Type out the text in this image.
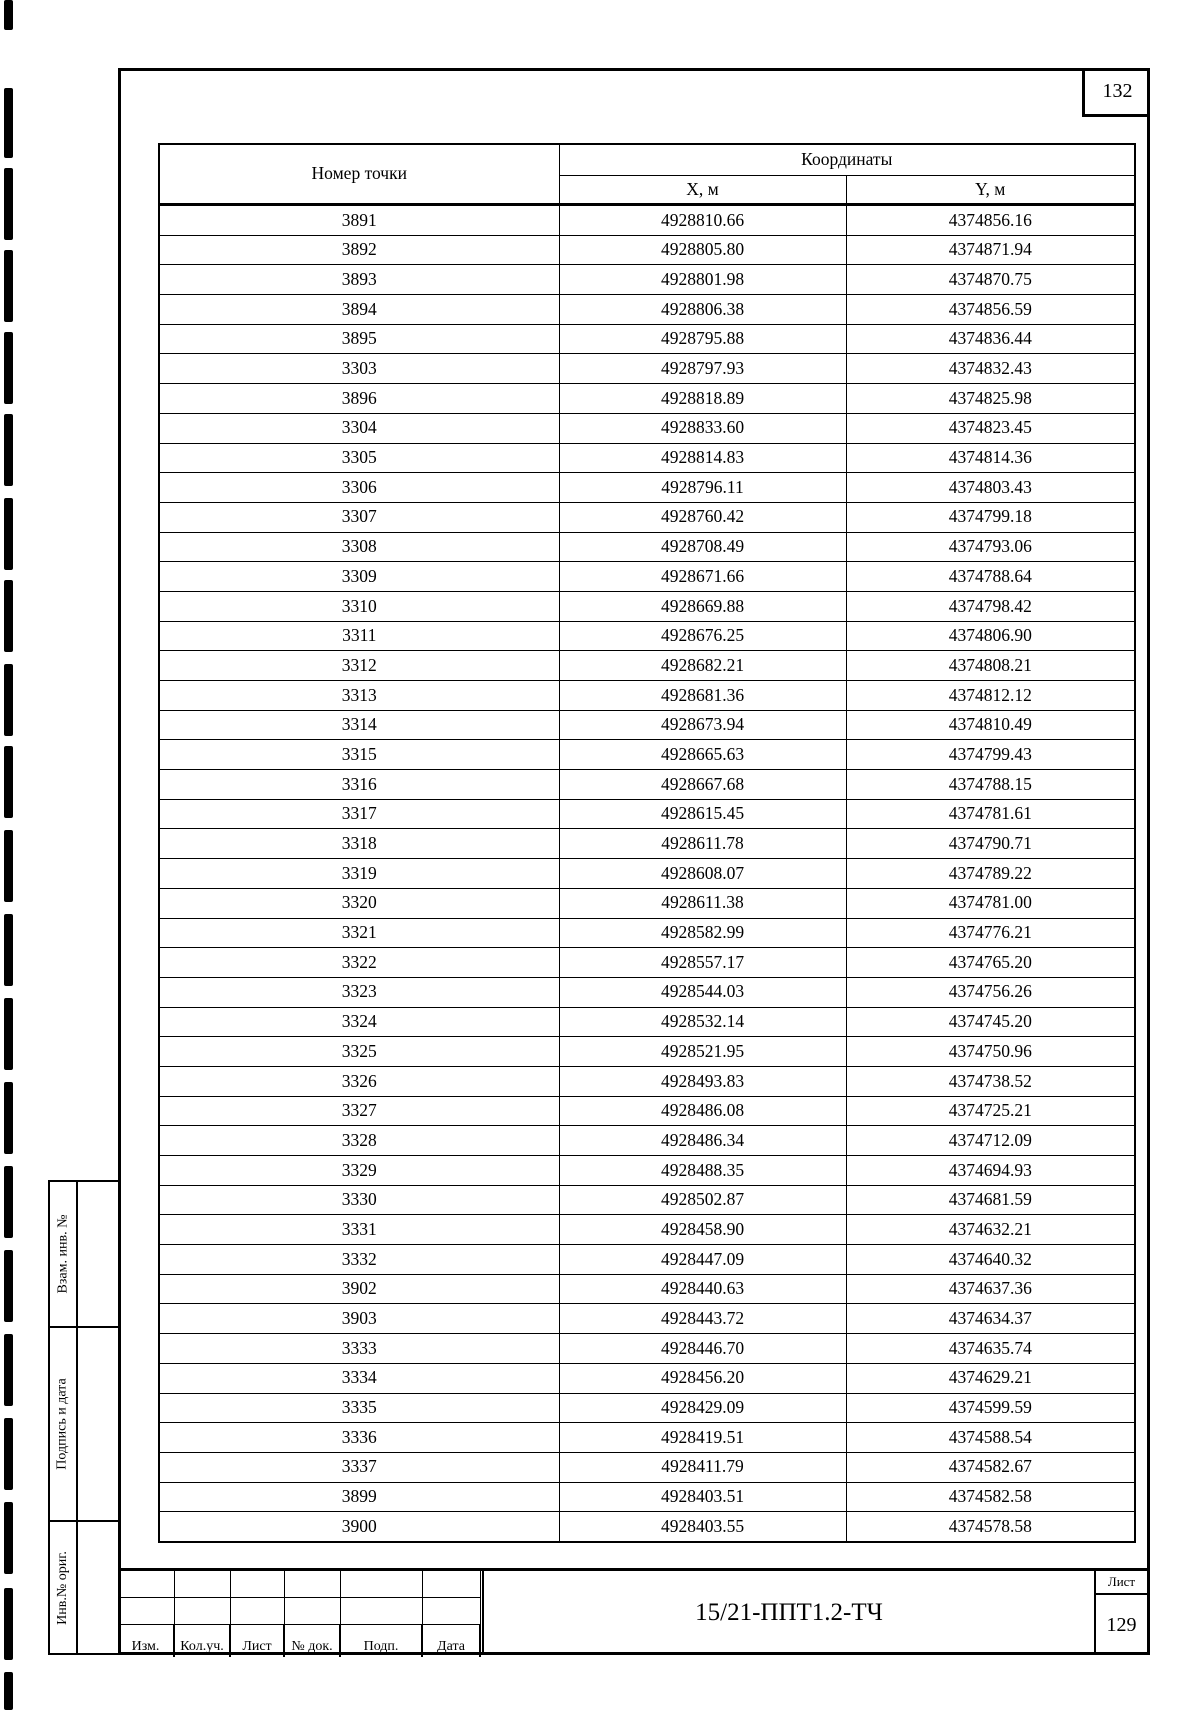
132
Номер точки	Координаты	
	X, м	Y, м
3891	4928810.66	4374856.16
3892	4928805.80	4374871.94
3893	4928801.98	4374870.75
3894	4928806.38	4374856.59
3895	4928795.88	4374836.44
3303	4928797.93	4374832.43
3896	4928818.89	4374825.98
3304	4928833.60	4374823.45
3305	4928814.83	4374814.36
3306	4928796.11	4374803.43
3307	4928760.42	4374799.18
3308	4928708.49	4374793.06
3309	4928671.66	4374788.64
3310	4928669.88	4374798.42
3311	4928676.25	4374806.90
3312	4928682.21	4374808.21
3313	4928681.36	4374812.12
3314	4928673.94	4374810.49
3315	4928665.63	4374799.43
3316	4928667.68	4374788.15
3317	4928615.45	4374781.61
3318	4928611.78	4374790.71
3319	4928608.07	4374789.22
3320	4928611.38	4374781.00
3321	4928582.99	4374776.21
3322	4928557.17	4374765.20
3323	4928544.03	4374756.26
3324	4928532.14	4374745.20
3325	4928521.95	4374750.96
3326	4928493.83	4374738.52
3327	4928486.08	4374725.21
3328	4928486.34	4374712.09
3329	4928488.35	4374694.93
3330	4928502.87	4374681.59
3331	4928458.90	4374632.21
3332	4928447.09	4374640.32
3902	4928440.63	4374637.36
3903	4928443.72	4374634.37
3333	4928446.70	4374635.74
3334	4928456.20	4374629.21
3335	4928429.09	4374599.59
3336	4928419.51	4374588.54
3337	4928411.79	4374582.67
3899	4928403.51	4374582.58
3900	4928403.55	4374578.58
Взам. инв. №
Подпись и дата
Инв.№ ориг.

Изм.	Кол.уч.	Лист	№ док.	Подп.	Дата
15/21-ППТ1.2-ТЧ
Лист
129
